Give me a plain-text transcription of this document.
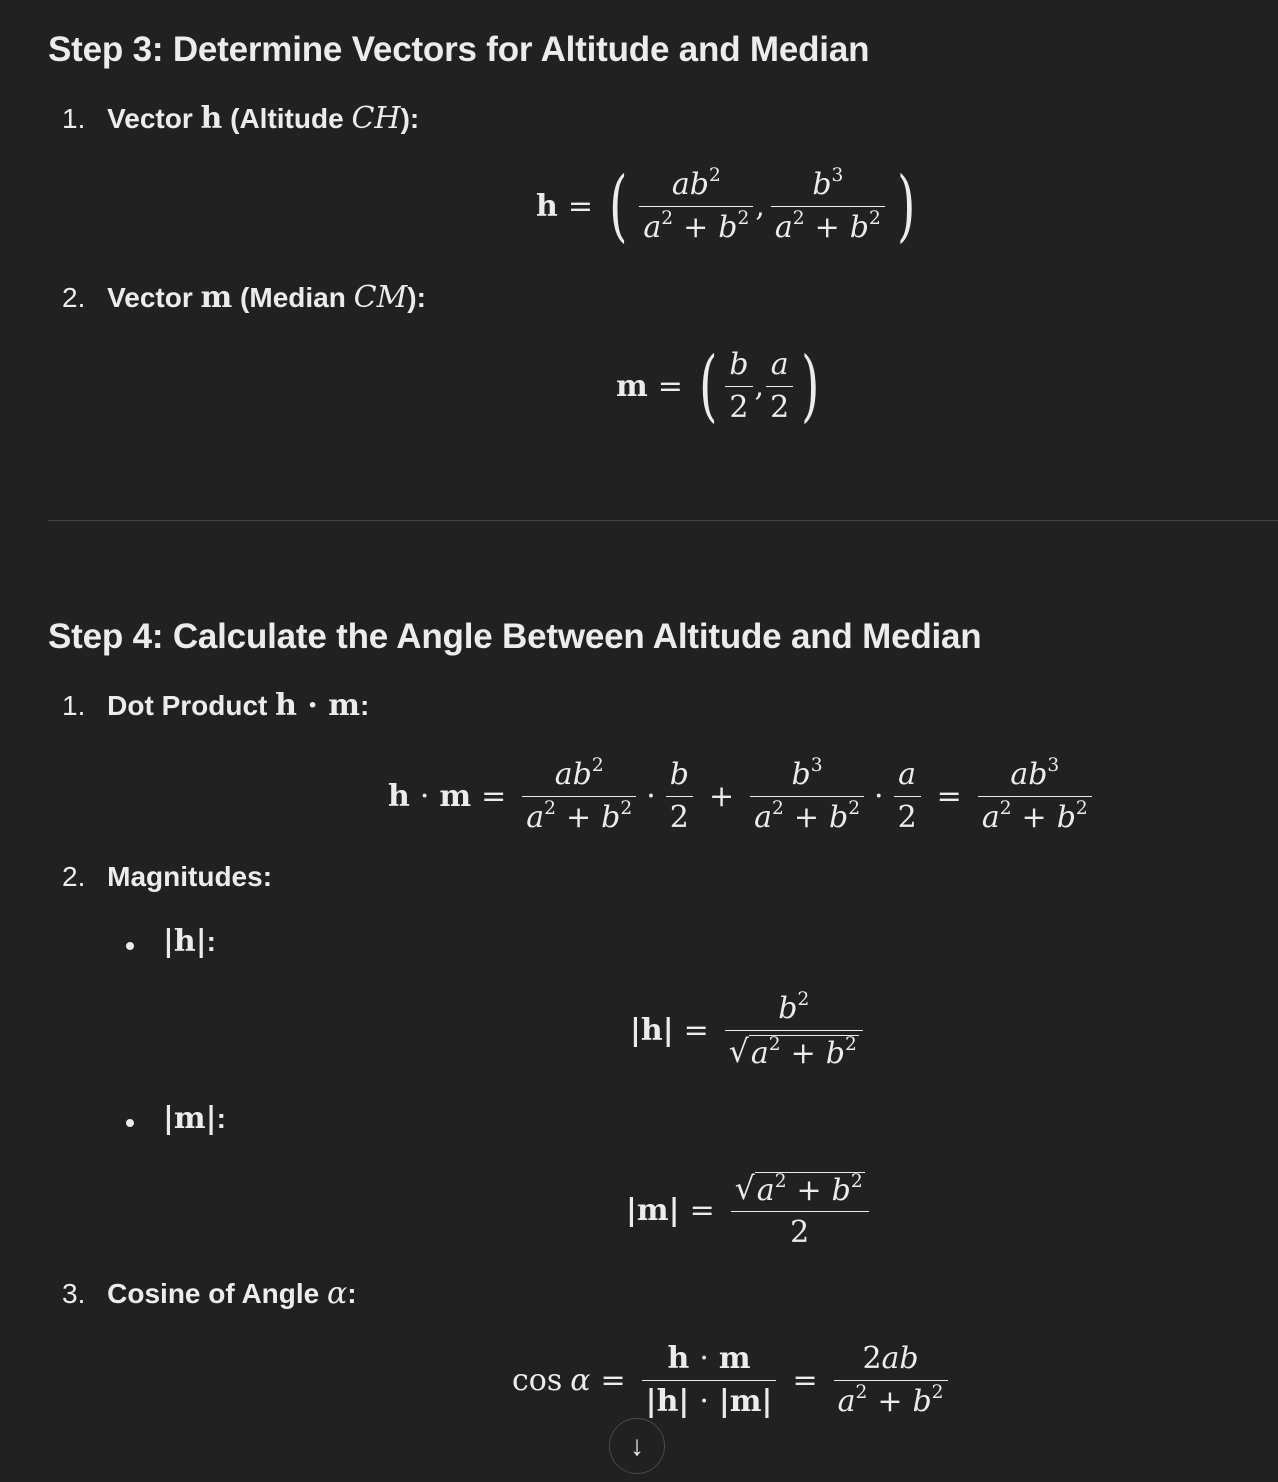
Step 3: Determine Vectors for Altitude and Median
1. Vector h (Altitude CH):
h = ( $\frac{ab^2}{a^2 + b^2}$ , $\frac{b^3}{a^2 + b^2}$ )
2. Vector m (Median CM):
m = ( $\frac{b}{2}$ , $\frac{a}{2}$ )
Step 4: Calculate the Angle Between Altitude and Median
1. Dot Product h · m:
$h \cdot m = \frac{ab^2}{a^2 + b^2} \cdot \frac{b}{2} + \frac{b^3}{a^2 + b^2} \cdot \frac{a}{2} = \frac{ab^3}{a^2 + b^2}$
2. Magnitudes:
|h|:
$|h| = \frac{b^2}{√ a^2 + b^2}$
|m|:
$|m| = \frac{√ a^2 + b^2}{2}$
3. Cosine of Angle α:
$\cos \alpha = \frac{h \cdot m}{|h| \cdot |m|} = \frac{2ab}{a^2 + b^2}$
↓
